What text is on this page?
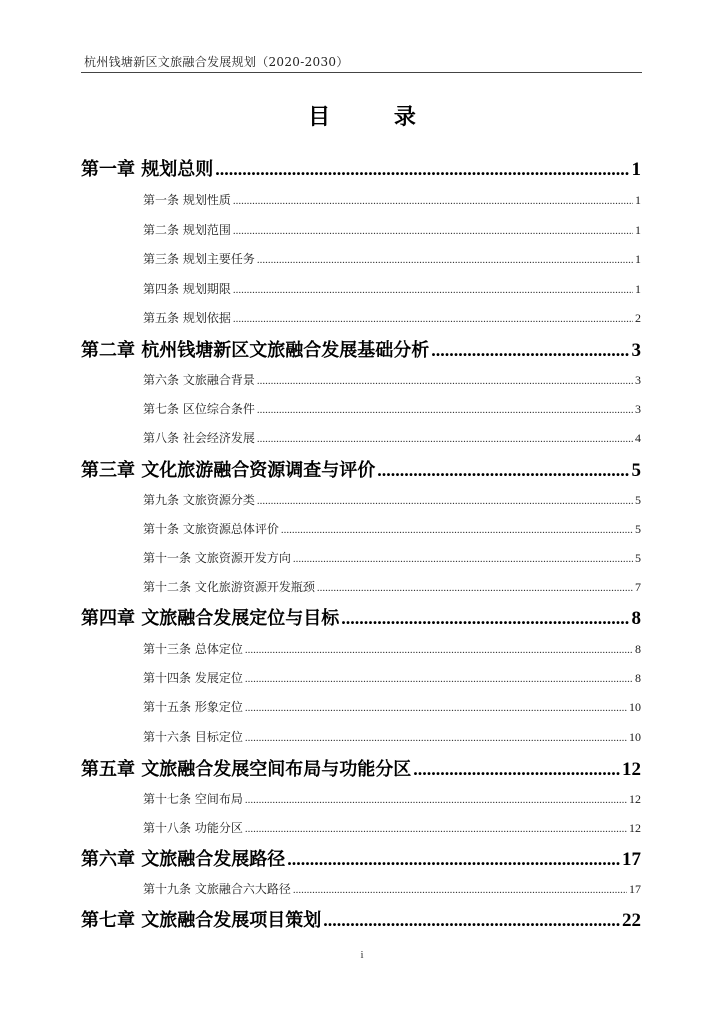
杭州钱塘新区文旅融合发展规划（2020-2030）
目 录
第一章 规划总则 .....	1
第一条 规划性质 .....	1
第二条 规划范围 .....	1
第三条 规划主要任务 .....	1
第四条 规划期限 .....	1
第五条 规划依据 .....	2
第二章 杭州钱塘新区文旅融合发展基础分析 .....	3
第六条 文旅融合背景 .....	3
第七条 区位综合条件 .....	3
第八条 社会经济发展 .....	4
第三章 文化旅游融合资源调查与评价 .....	5
第九条 文旅资源分类 .....	5
第十条 文旅资源总体评价 .....	5
第十一条 文旅资源开发方向 .....	5
第十二条 文化旅游资源开发瓶颈 .....	7
第四章 文旅融合发展定位与目标 .....	8
第十三条 总体定位 .....	8
第十四条 发展定位 .....	8
第十五条 形象定位 .....	10
第十六条 目标定位 .....	10
第五章 文旅融合发展空间布局与功能分区 .....	12
第十七条 空间布局 .....	12
第十八条 功能分区 .....	12
第六章 文旅融合发展路径 .....	17
第十九条 文旅融合六大路径 .....	17
第七章 文旅融合发展项目策划 .....	22
i
